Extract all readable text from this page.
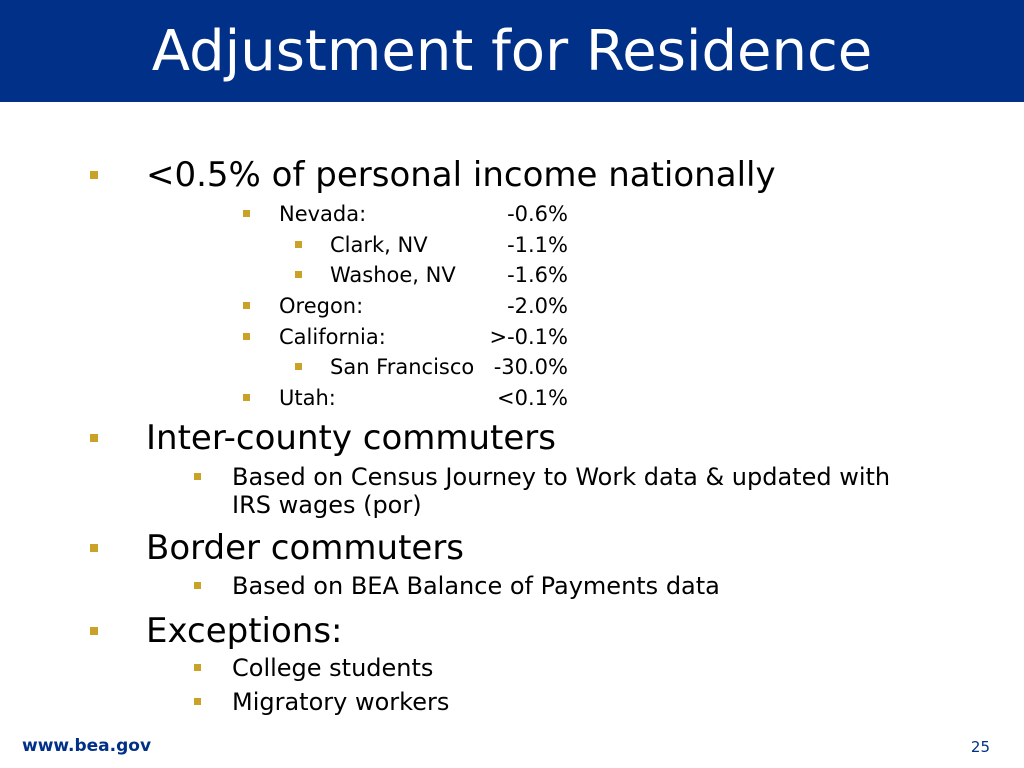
Adjustment for Residence
<0.5% of personal income nationally
Nevada:	-0.6%
Clark, NV	-1.1%
Washoe, NV	-1.6%
Oregon:	-2.0%
California:	>-0.1%
San Francisco -30.0%
Utah:	<0.1%
Inter-county commuters
Based on Census Journey to Work data & updated with
IRS wages (por)
Border commuters
Based on BEA Balance of Payments data
Exceptions:
College students
Migratory workers
www.bea.gov	25
